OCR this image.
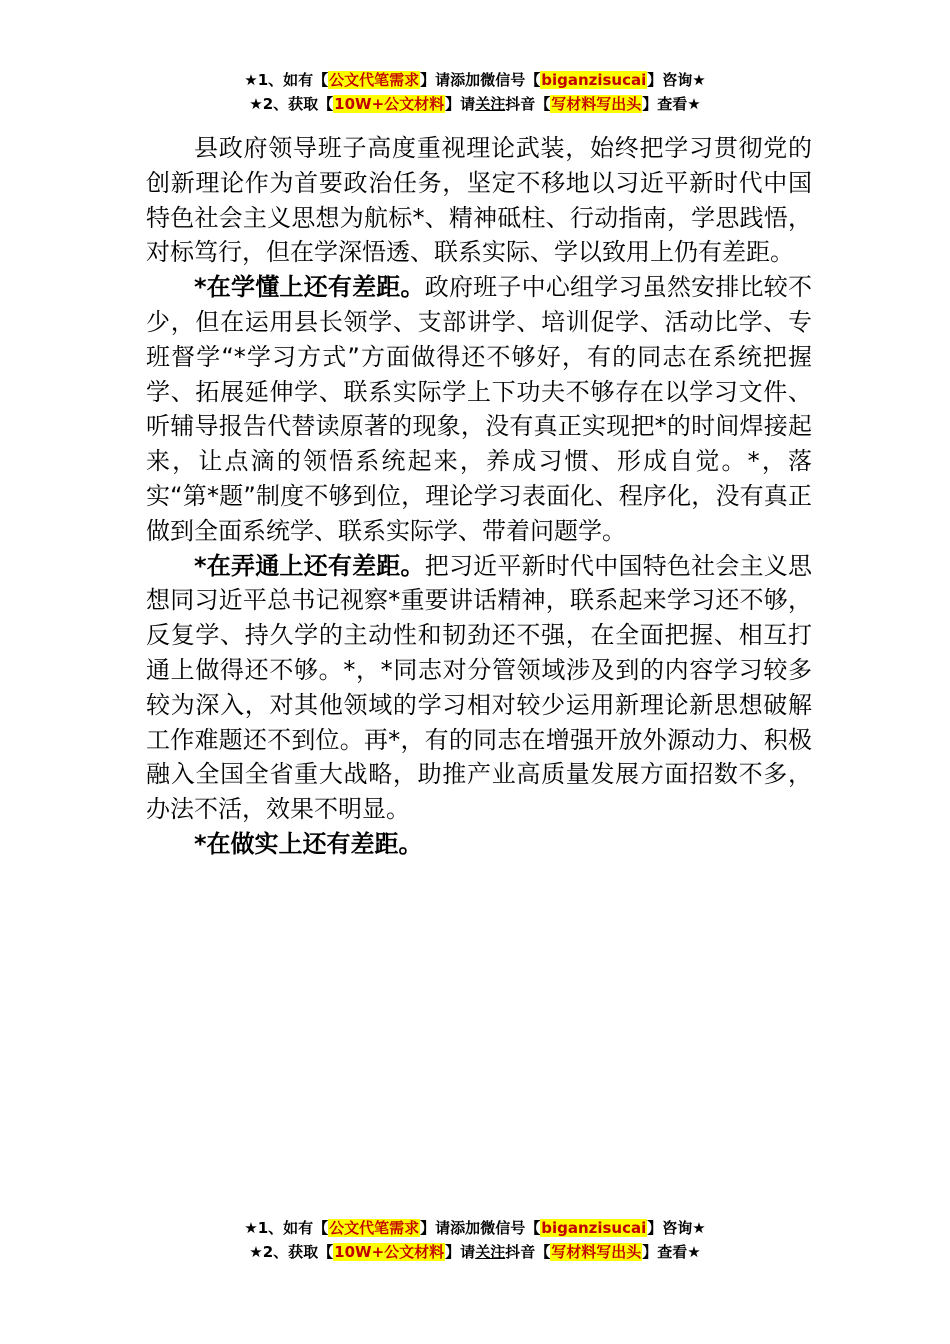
★1、如有【公文代笔需求】请添加微信号【biganzisucai】咨询★
★2、获取【10W+公文材料】请关注抖音【写材料写出头】查看★

县政府领导班子高度重视理论武装，始终把学习贯彻党的创新理论作为首要政治任务，坚定不移地以习近平新时代中国特色社会主义思想为航标*、精神砥柱、行动指南，学思践悟，对标笃行，但在学深悟透、联系实际、学以致用上仍有差距。

*在学懂上还有差距。政府班子中心组学习虽然安排比较不少，但在运用县长领学、支部讲学、培训促学、活动比学、专班督学“*学习方式”方面做得还不够好，有的同志在系统把握学、拓展延伸学、联系实际学上下功夫不够存在以学习文件、听辅导报告代替读原著的现象，没有真正实现把*的时间焊接起来，让点滴的领悟系统起来，养成习惯、形成自觉。*，落实“第*题”制度不够到位，理论学习表面化、程序化，没有真正做到全面系统学、联系实际学、带着问题学。

*在弄通上还有差距。把习近平新时代中国特色社会主义思想同习近平总书记视察*重要讲话精神，联系起来学习还不够，反复学、持久学的主动性和韧劲还不强，在全面把握、相互打通上做得还不够。*，*同志对分管领域涉及到的内容学习较多较为深入，对其他领域的学习相对较少运用新理论新思想破解工作难题还不到位。再*，有的同志在增强开放外源动力、积极融入全国全省重大战略，助推产业高质量发展方面招数不多，办法不活，效果不明显。

*在做实上还有差距。

★1、如有【公文代笔需求】请添加微信号【biganzisucai】咨询★
★2、获取【10W+公文材料】请关注抖音【写材料写出头】查看★
